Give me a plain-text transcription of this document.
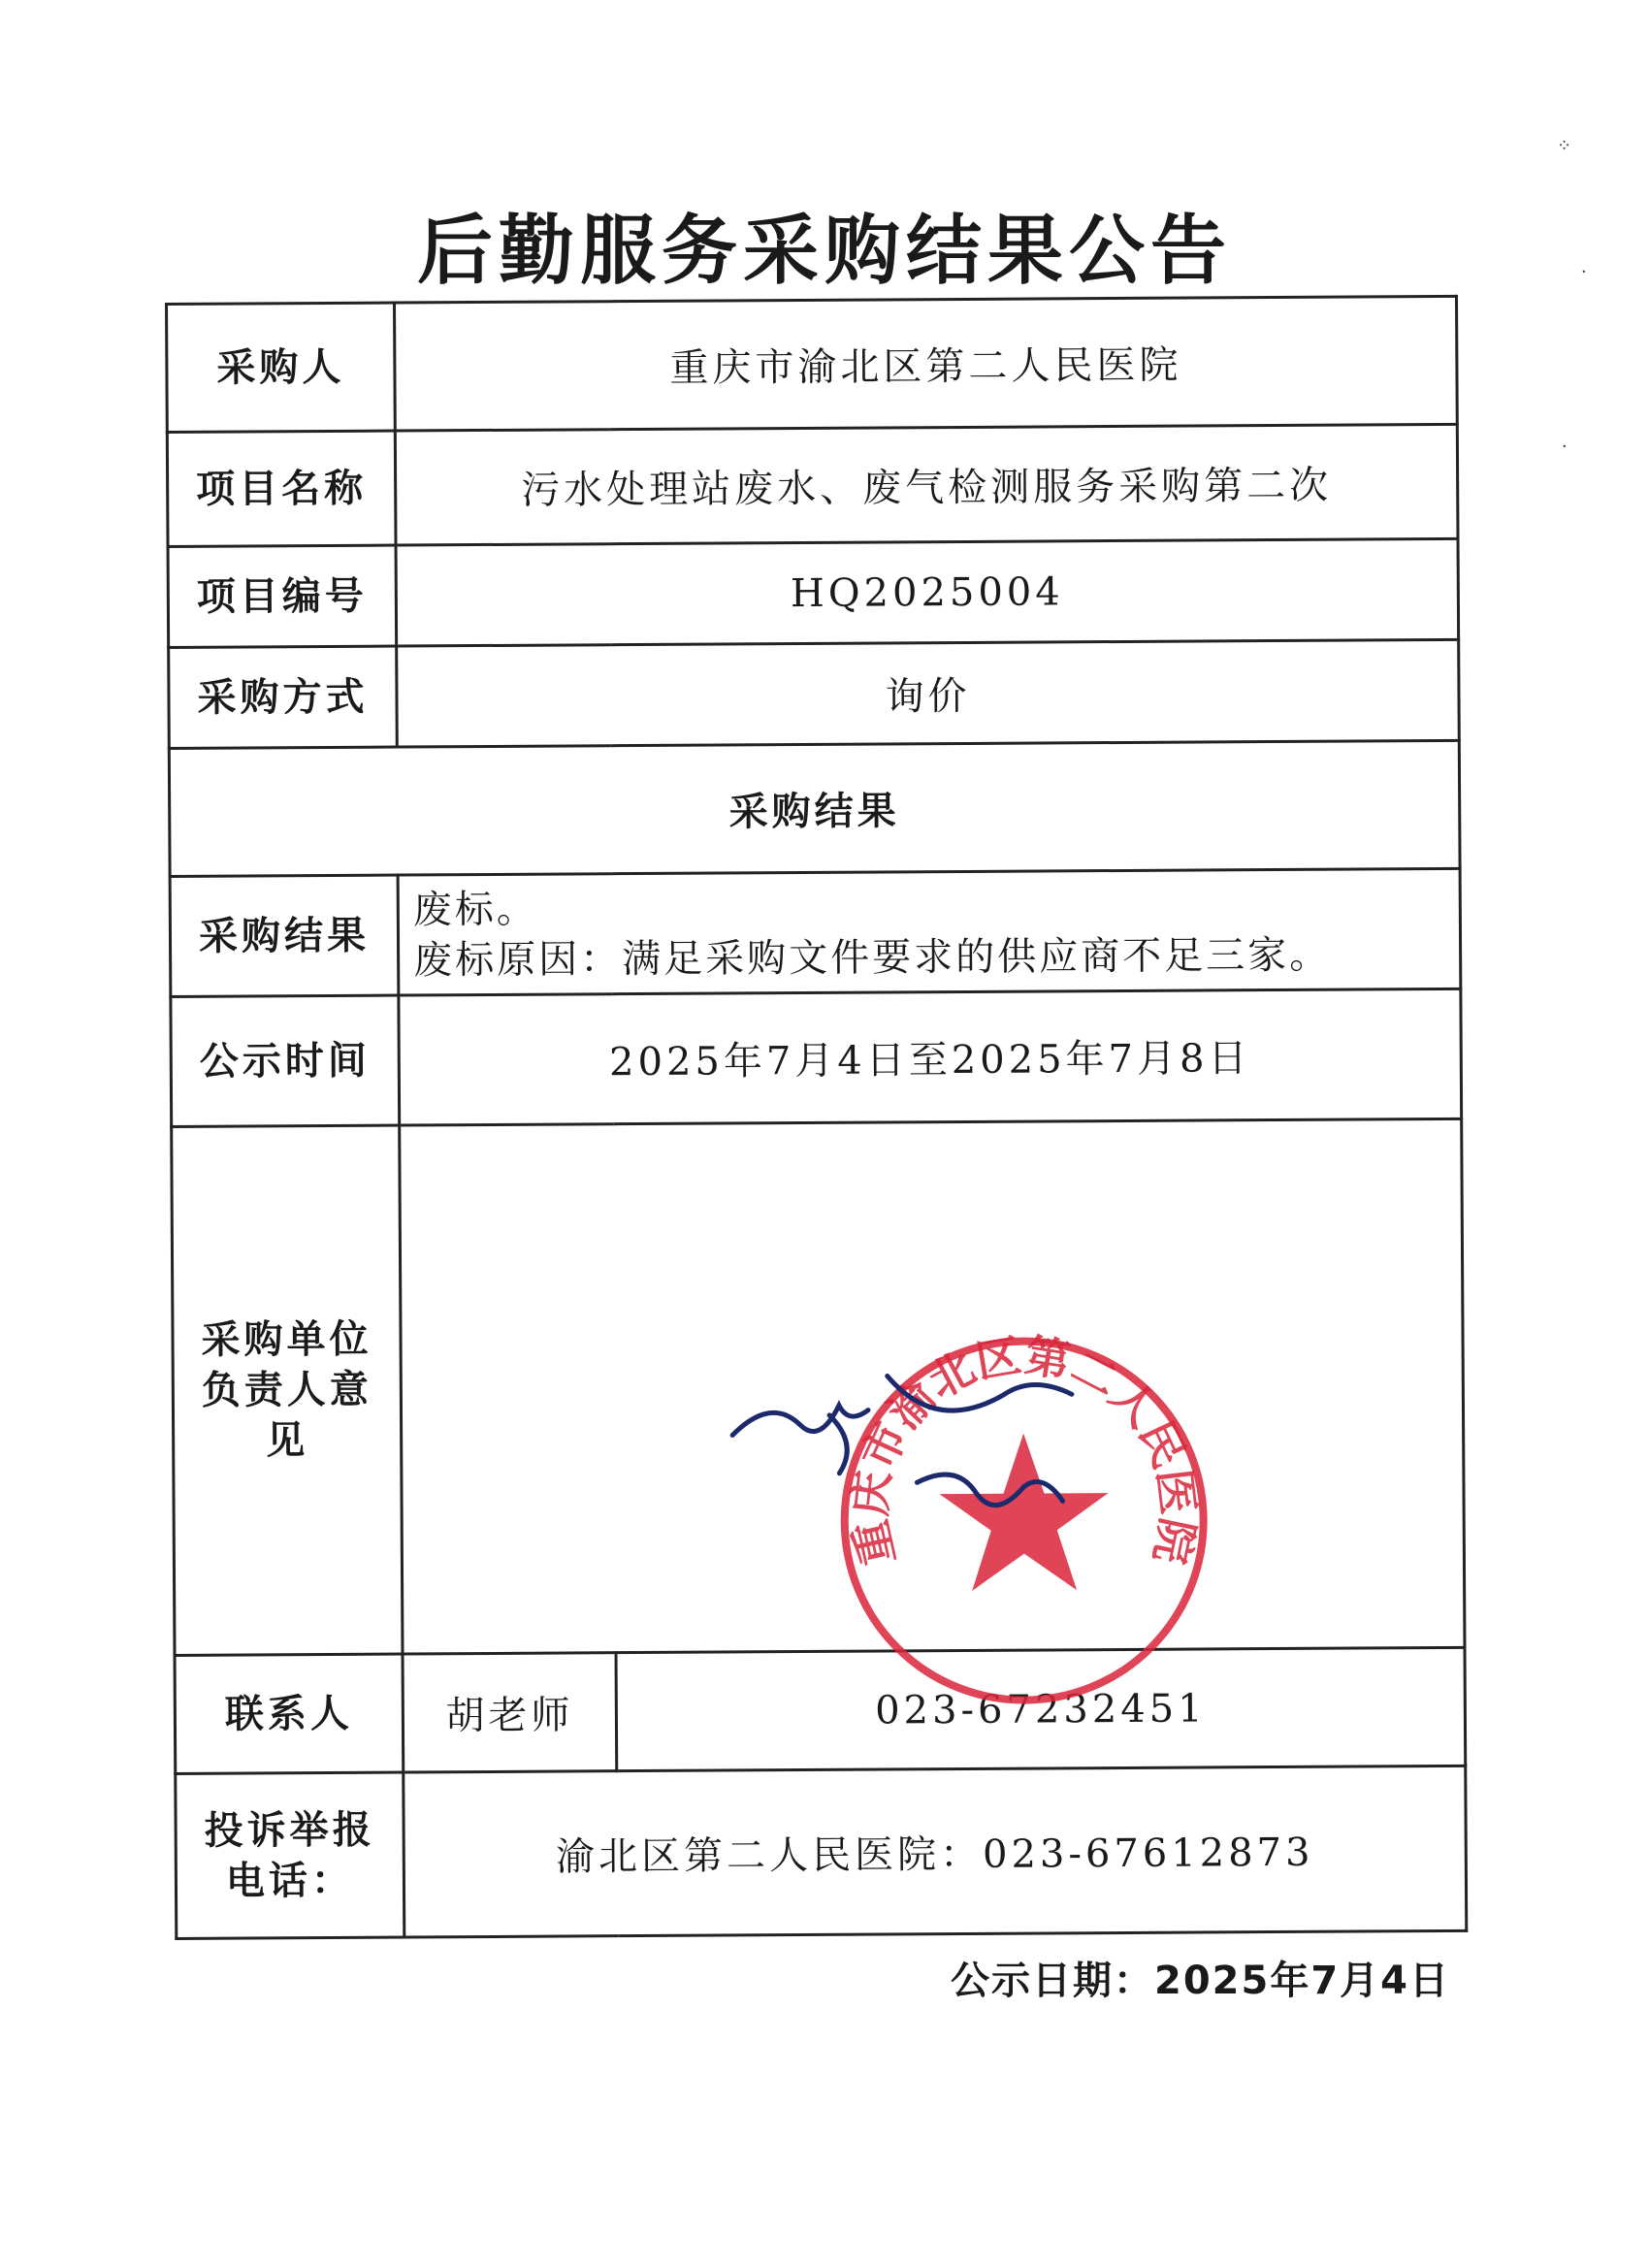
后勤服务采购结果公告
采购人	重庆市渝北区第二人民医院	
项目名称	污水处理站废水、废气检测服务采购第二次	
项目编号	HQ2025004	
采购方式	询价	
采购结果		
采购结果	废标。
废标原因：满足采购文件要求的供应商不足三家。	

公示时间	2025年7月4日至2025年7月8日	
采购单位负责人意见	重庆市渝北区第二人民医院	

联系人	胡老师	023-67232451
投诉举报电话：	渝北区第二人民医院：023-67612873	
公示日期：2025年7月4日
⁘
·
·
